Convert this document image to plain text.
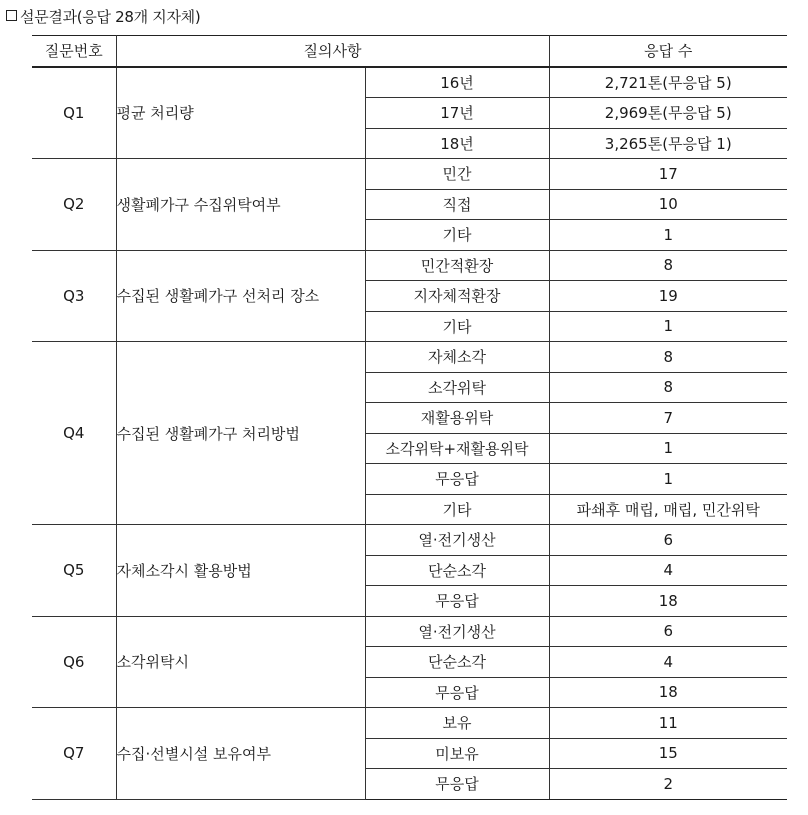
설문결과(응답 28개 지자체)
질문번호	질의사항		응답 수
Q1	평균 처리량	16년	2,721톤(무응답 5)
		17년	2,969톤(무응답 5)
		18년	3,265톤(무응답 1)
Q2	생활폐가구 수집위탁여부	민간	17
		직접	10
		기타	1
Q3	수집된 생활폐가구 선처리 장소	민간적환장	8
		지자체적환장	19
		기타	1
Q4	수집된 생활폐가구 처리방법	자체소각	8
		소각위탁	8
		재활용위탁	7
		소각위탁+재활용위탁	1
		무응답	1
		기타	파쇄후 매립, 매립, 민간위탁
Q5	자체소각시 활용방법	열·전기생산	6
		단순소각	4
		무응답	18
Q6	소각위탁시	열·전기생산	6
		단순소각	4
		무응답	18
Q7	수집·선별시설 보유여부	보유	11
		미보유	15
		무응답	2
